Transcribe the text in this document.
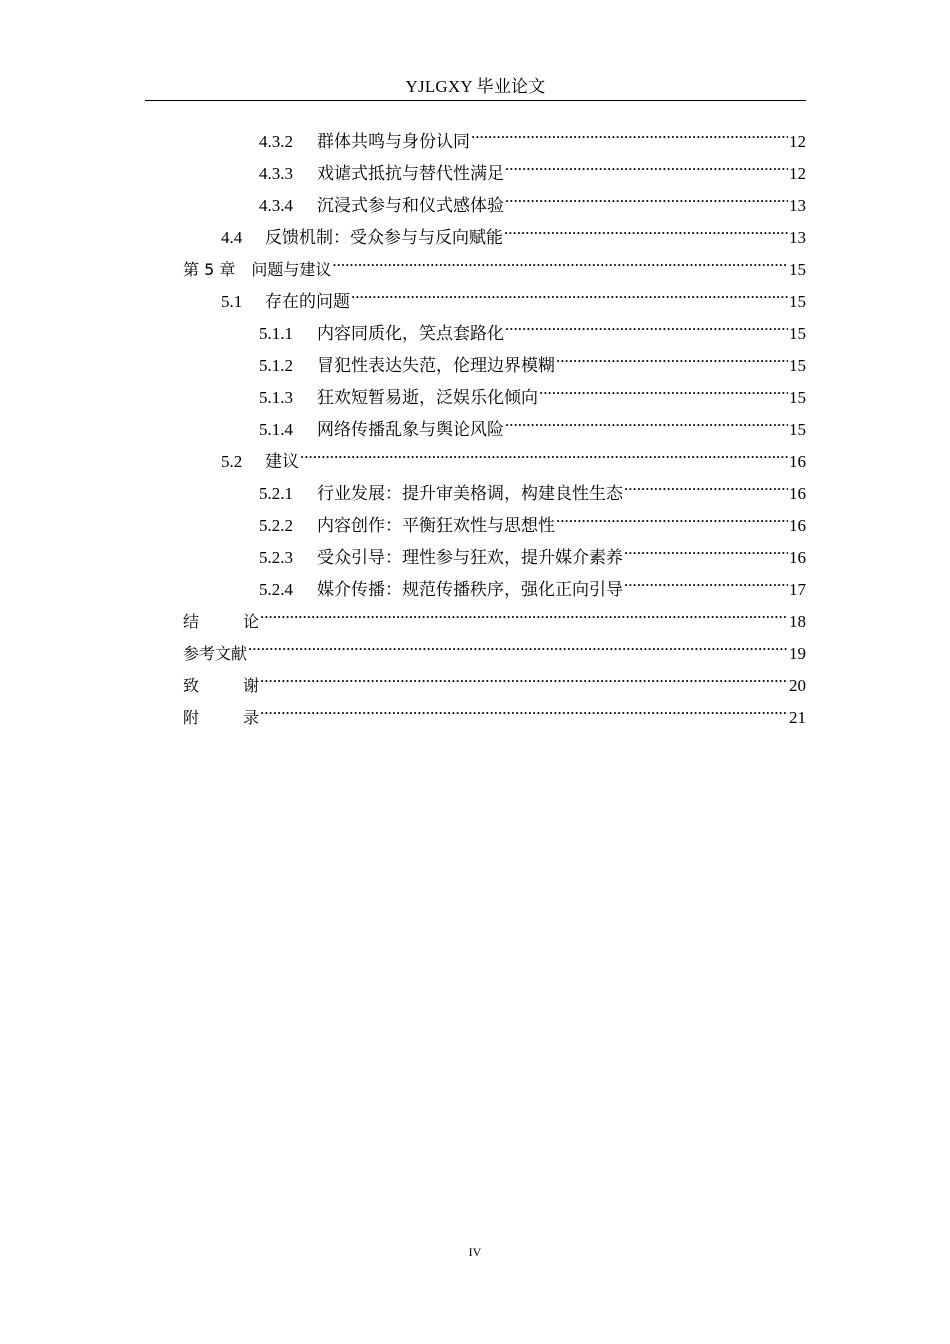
YJLGXY 毕业论文
4.3.2	群体共鸣与身份认同 .....	12
4.3.3	戏谑式抵抗与替代性满足 .....	12
4.3.4	沉浸式参与和仪式感体验 .....	13
4.4	反馈机制：受众参与与反向赋能 .....	13
第 5 章 问题与建议 .....	15
5.1	存在的问题 .....	15
5.1.1	内容同质化，笑点套路化 .....	15
5.1.2	冒犯性表达失范，伦理边界模糊 .....	15
5.1.3	狂欢短暂易逝，泛娱乐化倾向 .....	15
5.1.4	网络传播乱象与舆论风险 .....	15
5.2	建议 .....	16
5.2.1	行业发展：提升审美格调，构建良性生态 .....	16
5.2.2	内容创作：平衡狂欢性与思想性 .....	16
5.2.3	受众引导：理性参与狂欢，提升媒介素养 .....	16
5.2.4	媒介传播：规范传播秩序，强化正向引导 .....	17
结	论 .....	18
参考文献 .....	19
致	谢 .....	20
附	录 .....	21
IV
